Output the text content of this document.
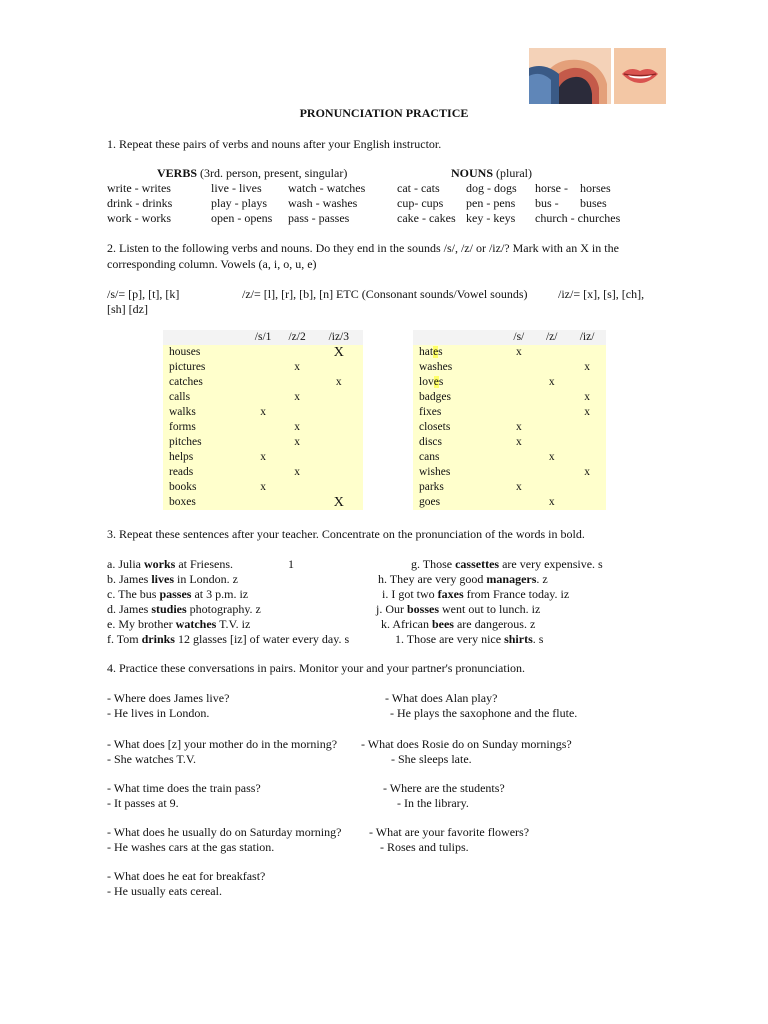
PRONUNCIATION PRACTICE
1. Repeat these pairs of verbs and nouns after your English instructor.
VERBS (3rd. person, present, singular)	NOUNS (plural)
write - writes	live - lives watch - watches	cat - cats dog - dogs horse - horses
drink - drinks	play - plays wash - washes	cup- cups pen - pens bus - buses
work - works	open - opens pass - passes	cake - cakes key - keys church - churches
2. Listen to the following verbs and nouns. Do they end in the sounds /s/, /z/ or /iz/? Mark with an X in the
corresponding column. Vowels (a, i, o, u, e)
/s/= [p], [t], [k]	/z/= [l], [r], [b], [n] ETC (Consonant sounds/Vowel sounds)	/iz/= [x], [s], [ch],
[sh] [dz]
	/s/1	/z/2	/iz/3
houses			X
pictures		x	
catches			x
calls		x	
walks	x		
forms		x	
pitches		x	
helps	x		
reads		x	
books	x		
boxes			X
	/s/	/z/	/iz/
hates	x		
washes			x
loves		x	
badges			x
fixes			x
closets	x		
discs	x		
cans		x	
wishes			x
parks	x		
goes		x	
3. Repeat these sentences after your teacher. Concentrate on the pronunciation of the words in bold.
a. Julia works at Friesens.	1
b. James lives in London. z
c. The bus passes at 3 p.m. iz
d. James studies photography. z
e. My brother watches T.V. iz
f. Tom drinks 12 glasses [iz] of water every day. s
g. Those cassettes are very expensive. s
h. They are very good managers. z
i. I got two faxes from France today. iz
j. Our bosses went out to lunch. iz
k. African bees are dangerous. z
1. Those are very nice shirts. s
4. Practice these conversations in pairs. Monitor your and your partner's pronunciation.
- Where does James live?
- He lives in London.
- What does Alan play?
- He plays the saxophone and the flute.
- What does [z] your mother do in the morning?
- She watches T.V.
- What does Rosie do on Sunday mornings?
- She sleeps late.
- What time does the train pass?
- It passes at 9.
- Where are the students?
- In the library.
- What does he usually do on Saturday morning?
- He washes cars at the gas station.
- What are your favorite flowers?
- Roses and tulips.
- What does he eat for breakfast?
- He usually eats cereal.
